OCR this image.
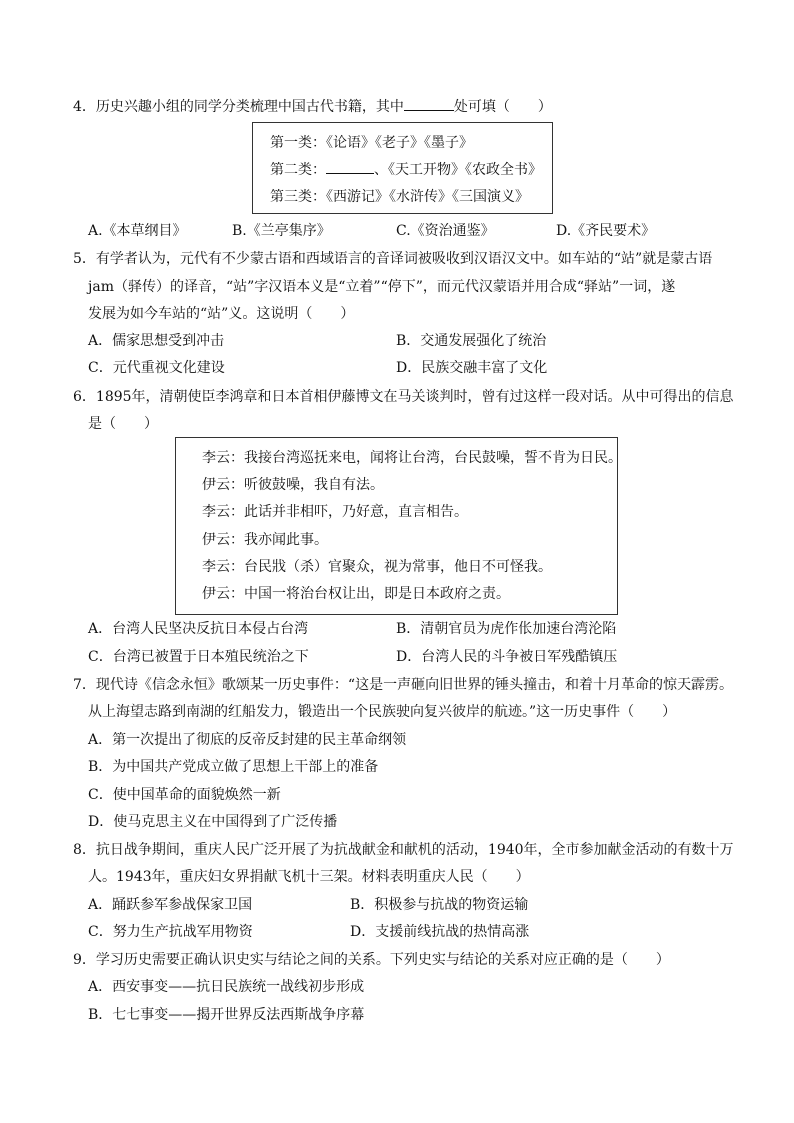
4．历史兴趣小组的同学分类梳理中国古代书籍，其中	处可填（　　）
第一类：《论语》《老子》《墨子》
第二类：	、《天工开物》《农政全书》
第三类：《西游记》《水浒传》《三国演义》
A.《本草纲目》	B.《兰亭集序》	C.《资治通鉴》	D.《齐民要术》
5．有学者认为，元代有不少蒙古语和西域语言的音译词被吸收到汉语汉文中。如车站的“站”就是蒙古语
jam（驿传）的译音，“站”字汉语本义是“立着”“停下”，而元代汉蒙语并用合成“驿站”一词，遂
发展为如今车站的“站”义。这说明（　　）
A．儒家思想受到冲击	B．交通发展强化了统治
C．元代重视文化建设	D．民族交融丰富了文化
6．1895年，清朝使臣李鸿章和日本首相伊藤博文在马关谈判时，曾有过这样一段对话。从中可得出的信息
是（　　）
李云：我接台湾巡抚来电，闻将让台湾，台民鼓噪，誓不肯为日民。
伊云：听彼鼓噪，我自有法。
李云：此话并非相吓，乃好意，直言相告。
伊云：我亦闻此事。
李云：台民戕（杀）官聚众，视为常事，他日不可怪我。
伊云：中国一将治台权让出，即是日本政府之责。
A．台湾人民坚决反抗日本侵占台湾	B．清朝官员为虎作伥加速台湾沦陷
C．台湾已被置于日本殖民统治之下	D．台湾人民的斗争被日军残酷镇压
7．现代诗《信念永恒》歌颂某一历史事件：“这是一声砸向旧世界的锤头撞击，和着十月革命的惊天霹雳。
从上海望志路到南湖的红船发力，锻造出一个民族驶向复兴彼岸的航迹。”这一历史事件（　　）
A．第一次提出了彻底的反帝反封建的民主革命纲领
B．为中国共产党成立做了思想上干部上的准备
C．使中国革命的面貌焕然一新
D．使马克思主义在中国得到了广泛传播
8．抗日战争期间，重庆人民广泛开展了为抗战献金和献机的活动，1940年，全市参加献金活动的有数十万
人。1943年，重庆妇女界捐献飞机十三架。材料表明重庆人民（　　）
A．踊跃参军参战保家卫国	B．积极参与抗战的物资运输
C．努力生产抗战军用物资	D．支援前线抗战的热情高涨
9．学习历史需要正确认识史实与结论之间的关系。下列史实与结论的关系对应正确的是（　　）
A．西安事变——抗日民族统一战线初步形成
B．七七事变——揭开世界反法西斯战争序幕
